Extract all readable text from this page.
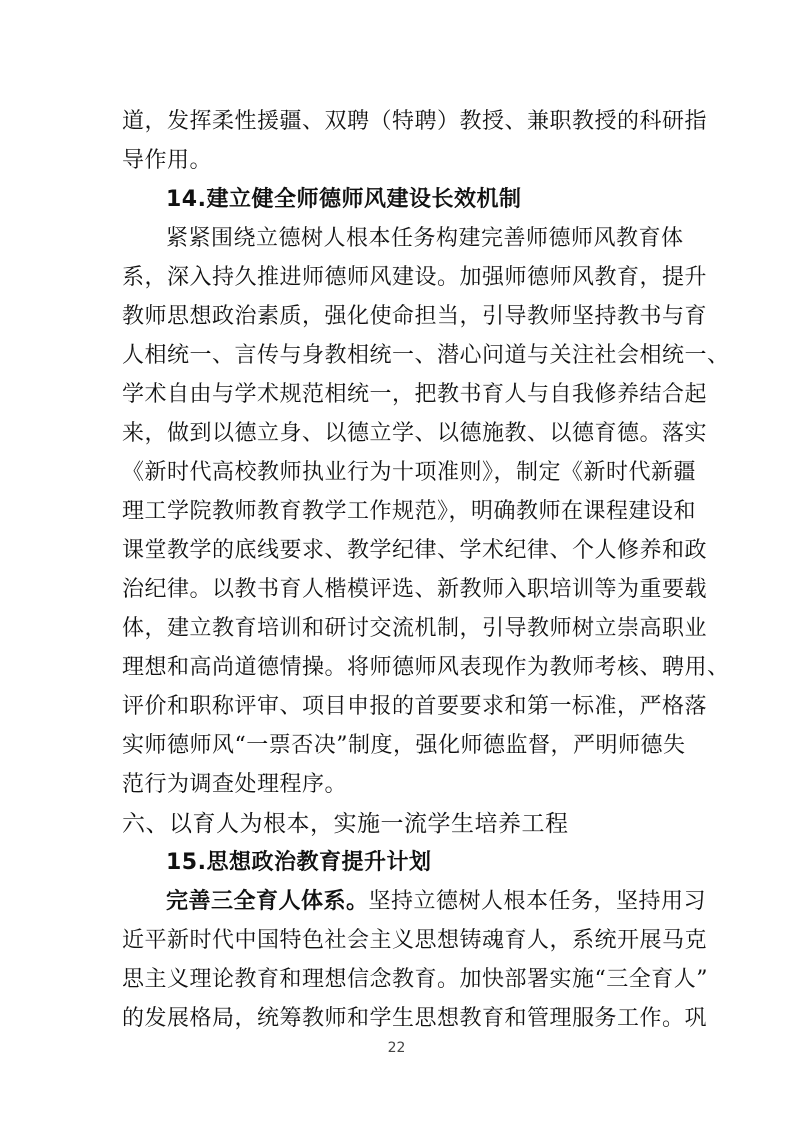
道，发挥柔性援疆、双聘（特聘）教授、兼职教授的科研指
导作用。
14.建立健全师德师风建设长效机制
紧紧围绕立德树人根本任务构建完善师德师风教育体
系，深入持久推进师德师风建设。加强师德师风教育，提升
教师思想政治素质，强化使命担当，引导教师坚持教书与育
人相统一、言传与身教相统一、潜心问道与关注社会相统一、
学术自由与学术规范相统一，把教书育人与自我修养结合起
来，做到以德立身、以德立学、以德施教、以德育德。落实
《新时代高校教师执业行为十项准则》，制定《新时代新疆
理工学院教师教育教学工作规范》，明确教师在课程建设和
课堂教学的底线要求、教学纪律、学术纪律、个人修养和政
治纪律。以教书育人楷模评选、新教师入职培训等为重要载
体，建立教育培训和研讨交流机制，引导教师树立崇高职业
理想和高尚道德情操。将师德师风表现作为教师考核、聘用、
评价和职称评审、项目申报的首要要求和第一标准，严格落
实师德师风“一票否决”制度，强化师德监督，严明师德失
范行为调查处理程序。
六、以育人为根本，实施一流学生培养工程
15.思想政治教育提升计划
完善三全育人体系。坚持立德树人根本任务，坚持用习
近平新时代中国特色社会主义思想铸魂育人，系统开展马克
思主义理论教育和理想信念教育。加快部署实施“三全育人”
的发展格局，统筹教师和学生思想教育和管理服务工作。巩
22
